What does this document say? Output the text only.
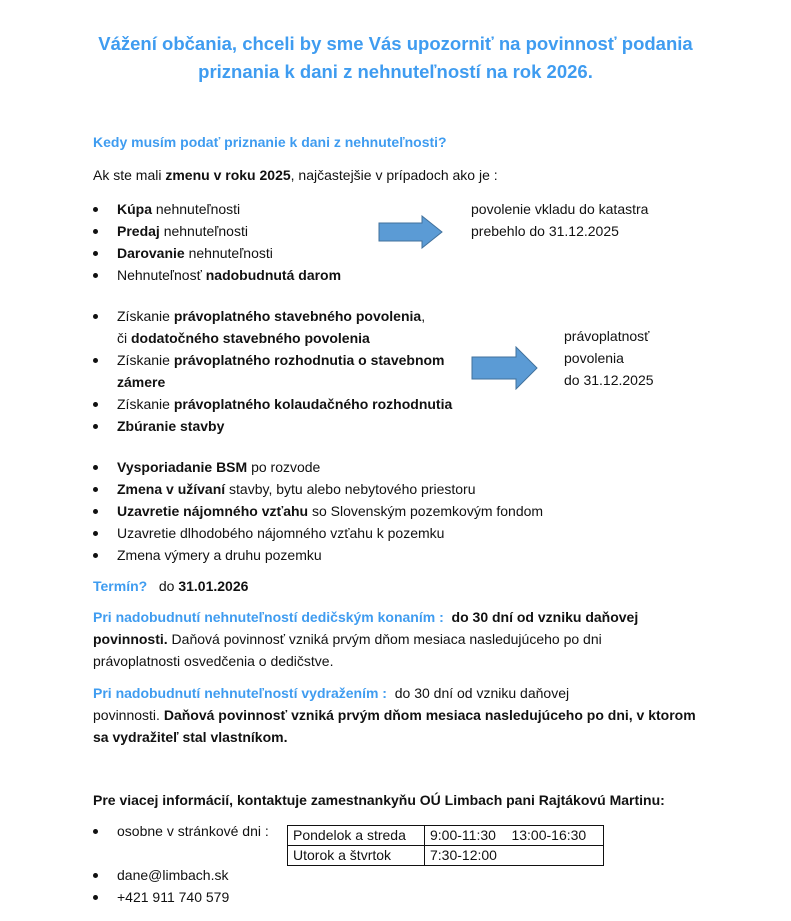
Vážení občania, chceli by sme Vás upozorniť na povinnosť podania
priznania k dani z nehnuteľností na rok 2026.
Kedy musím podať priznanie k dani z nehnuteľnosti?
Ak ste mali zmenu v roku 2025, najčastejšie v prípadoch ako je :
Kúpa nehnuteľnosti
Predaj nehnuteľnosti
Darovanie nehnuteľnosti
Nehnuteľnosť nadobudnutá darom
povolenie vkladu do katastra
prebehlo do 31.12.2025
Získanie právoplatného stavebného povolenia,
či dodatočného stavebného povolenia
Získanie právoplatného rozhodnutia o stavebnom
zámere
Získanie právoplatného kolaudačného rozhodnutia
Zbúranie stavby
právoplatnosť
povolenia
do 31.12.2025
Vysporiadanie BSM po rozvode
Zmena v užívaní stavby, bytu alebo nebytového priestoru
Uzavretie nájomného vzťahu so Slovenským pozemkovým fondom
Uzavretie dlhodobého nájomného vzťahu k pozemku
Zmena výmery a druhu pozemku
Termín? do 31.01.2026
Pri nadobudnutí nehnuteľností dedičským konaním : do 30 dní od vzniku daňovej
povinnosti. Daňová povinnosť vzniká prvým dňom mesiaca nasledujúceho po dni
právoplatnosti osvedčenia o dedičstve.
Pri nadobudnutí nehnuteľností vydražením : do 30 dní od vzniku daňovej
povinnosti. Daňová povinnosť vzniká prvým dňom mesiaca nasledujúceho po dni, v ktorom
sa vydražiteľ stal vlastníkom.
Pre viacej informácií, kontaktuje zamestnankyňu OÚ Limbach pani Rajtákovú Martinu:
osobne v stránkové dni :
dane@limbach.sk
+421 911 740 579
Pondelok a streda	9:00-11:30    13:00-16:30
Utorok a štvrtok	7:30-12:00
